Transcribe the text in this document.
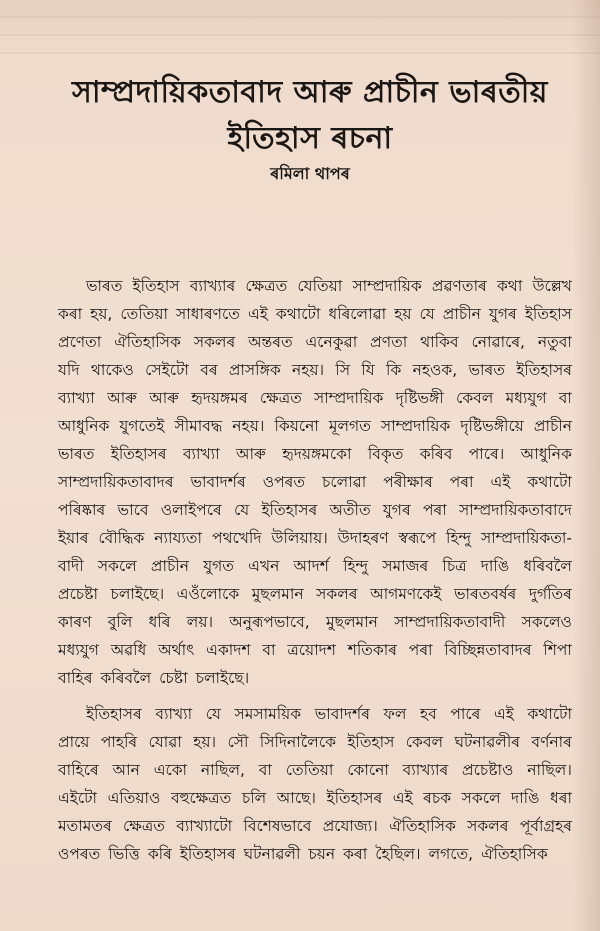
সাম্প্ৰদায়িকতাবাদ আৰু প্ৰাচীন ভাৰতীয়
ইতিহাস ৰচনা
ৰমিলা থাপৰ
ভাৰত ইতিহাস ব্যাখ্যাৰ ক্ষেত্ৰত যেতিয়া সাম্প্ৰদায়িক প্ৰৱণতাৰ কথা উল্লেখ
কৰা হয়, তেতিয়া সাধাৰণতে এই কথাটো ধৰিলোৱা হয় যে প্ৰাচীন যুগৰ ইতিহাস
প্ৰণেতা ঐতিহাসিক সকলৰ অন্তৰত এনেকুৱা প্ৰণতা থাকিব নোৱাৰে, নতুবা
যদি থাকেও সেইটো বৰ প্ৰাসঙ্গিক নহয়। সি যি কি নহওক, ভাৰত ইতিহাসৰ
ব্যাখ্যা আৰু আৰু হৃদয়ঙ্গমৰ ক্ষেত্ৰত সাম্প্ৰদায়িক দৃষ্টিভঙ্গী কেবল মধ্যযুগ বা
আধুনিক যুগতেই সীমাবদ্ধ নহয়। কিয়নো মূলগত সাম্প্ৰদায়িক দৃষ্টিভঙ্গীয়ে প্ৰাচীন
ভাৰত ইতিহাসৰ ব্যাখ্যা আৰু হৃদয়ঙ্গমকো বিকৃত কৰিব পাৰে। আধুনিক
সাম্প্ৰদায়িকতাবাদৰ ভাবাদৰ্শৰ ওপৰত চলোৱা পৰীক্ষাৰ পৰা এই কথাটো
পৰিষ্কাৰ ভাবে ওলাইপৰে যে ইতিহাসৰ অতীত যুগৰ পৰা সাম্প্ৰদায়িকতাবাদে
ইয়াৰ বৌদ্ধিক ন্যায্যতা পথখেদি উলিয়ায়। উদাহৰণ স্বৰূপে হিন্দু সাম্প্ৰদায়িকতা-
বাদী সকলে প্ৰাচীন যুগত এখন আদৰ্শ হিন্দু সমাজৰ চিত্ৰ দাঙি ধৰিবলৈ
প্ৰচেষ্টা চলাইছে। এওঁলোকে মুছলমান সকলৰ আগমণকেই ভাৰতবৰ্ষৰ দুৰ্গতিৰ
কাৰণ বুলি ধৰি লয়। অনুৰূপভাবে, মুছলমান সাম্প্ৰদায়িকতাবাদী সকলেও
মধ্যযুগ অৱধি অৰ্থাৎ একাদশ বা ত্ৰয়োদশ শতিকাৰ পৰা বিচ্ছিন্নতাবাদৰ শিপা
বাহিৰ কৰিবলৈ চেষ্টা চলাইছে।
ইতিহাসৰ ব্যাখ্যা যে সমসাময়িক ভাবাদৰ্শৰ ফল হব পাৰে এই কথাটো
প্ৰায়ে পাহৰি যোৱা হয়। সৌ সিদিনালৈকে ইতিহাস কেবল ঘটনাৱলীৰ বৰ্ণনাৰ
বাহিৰে আন একো নাছিল, বা তেতিয়া কোনো ব্যাখ্যাৰ প্ৰচেষ্টাও নাছিল।
এইটো এতিয়াও বহুক্ষেত্ৰত চলি আছে। ইতিহাসৰ এই ৰচক সকলে দাঙি ধৰা
মতামতৰ ক্ষেত্ৰত ব্যাখ্যাটো বিশেষভাবে প্ৰযোজ্য। ঐতিহাসিক সকলৰ পূৰ্বাগ্ৰহৰ
ওপৰত ভিত্তি কৰি ইতিহাসৰ ঘটনাৱলী চয়ন কৰা হৈছিল। লগতে, ঐতিহাসিক
